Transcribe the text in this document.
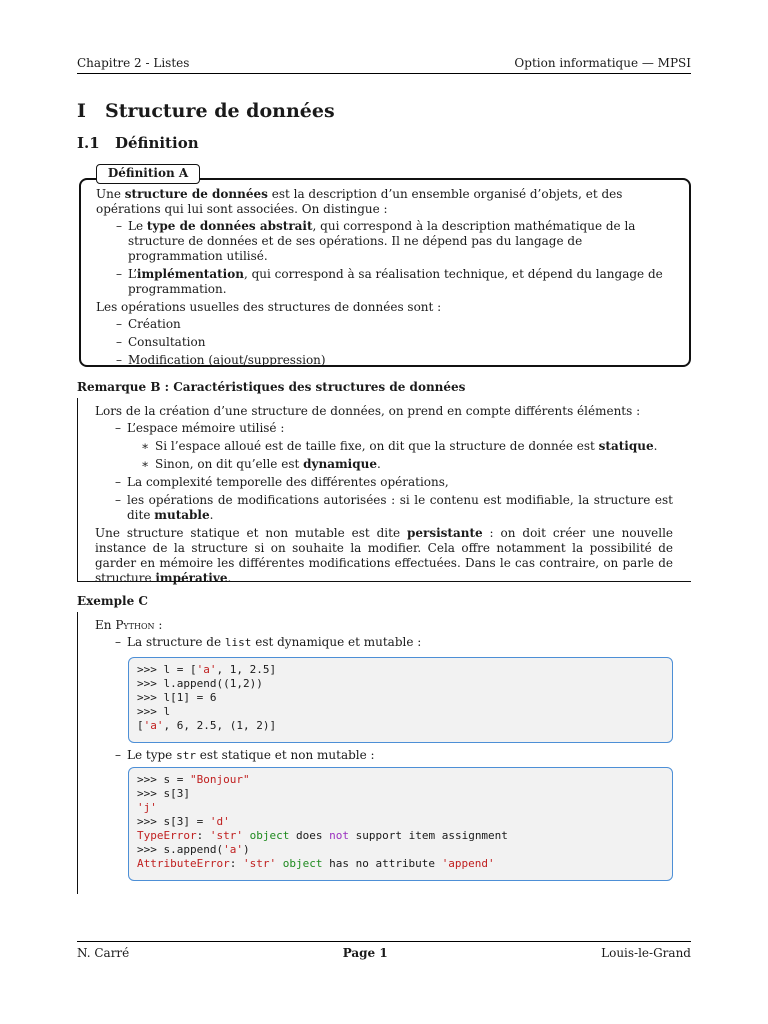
Chapitre 2 - Listes	Option informatique — MPSI
I Structure de données
I.1 Définition
Définition A
Une structure de données est la description d’un ensemble organisé d’objets, et des opérations qui lui sont associées. On distingue :
– Le type de données abstrait, qui correspond à la description mathématique de la structure de données et de ses opérations. Il ne dépend pas du langage de programmation utilisé.
– L’implémentation, qui correspond à sa réalisation technique, et dépend du langage de programmation.
Les opérations usuelles des structures de données sont :
– Création
– Consultation
– Modification (ajout/suppression)
Remarque B : Caractéristiques des structures de données
Lors de la création d’une structure de données, on prend en compte différents éléments :
– L’espace mémoire utilisé :
∗ Si l’espace alloué est de taille fixe, on dit que la structure de donnée est statique.
∗ Sinon, on dit qu’elle est dynamique.
– La complexité temporelle des différentes opérations,
– les opérations de modifications autorisées : si le contenu est modifiable, la structure est dite mutable.
Une structure statique et non mutable est dite persistante : on doit créer une nouvelle instance de la structure si on souhaite la modifier. Cela offre notamment la possibilité de garder en mémoire les différentes modifications effectuées. Dans le cas contraire, on parle de structure impérative.
Exemple C
En Python :
– La structure de list est dynamique et mutable :
>>> l = ['a', 1, 2.5]
>>> l.append((1,2))
>>> l[1] = 6
>>> l
['a', 6, 2.5, (1, 2)]
– Le type str est statique et non mutable :
>>> s = "Bonjour"
>>> s[3]
'j'
>>> s[3] = 'd'
TypeError: 'str' object does not support item assignment
>>> s.append('a')
AttributeError: 'str' object has no attribute 'append'
N. Carré	Page 1	Louis-le-Grand
